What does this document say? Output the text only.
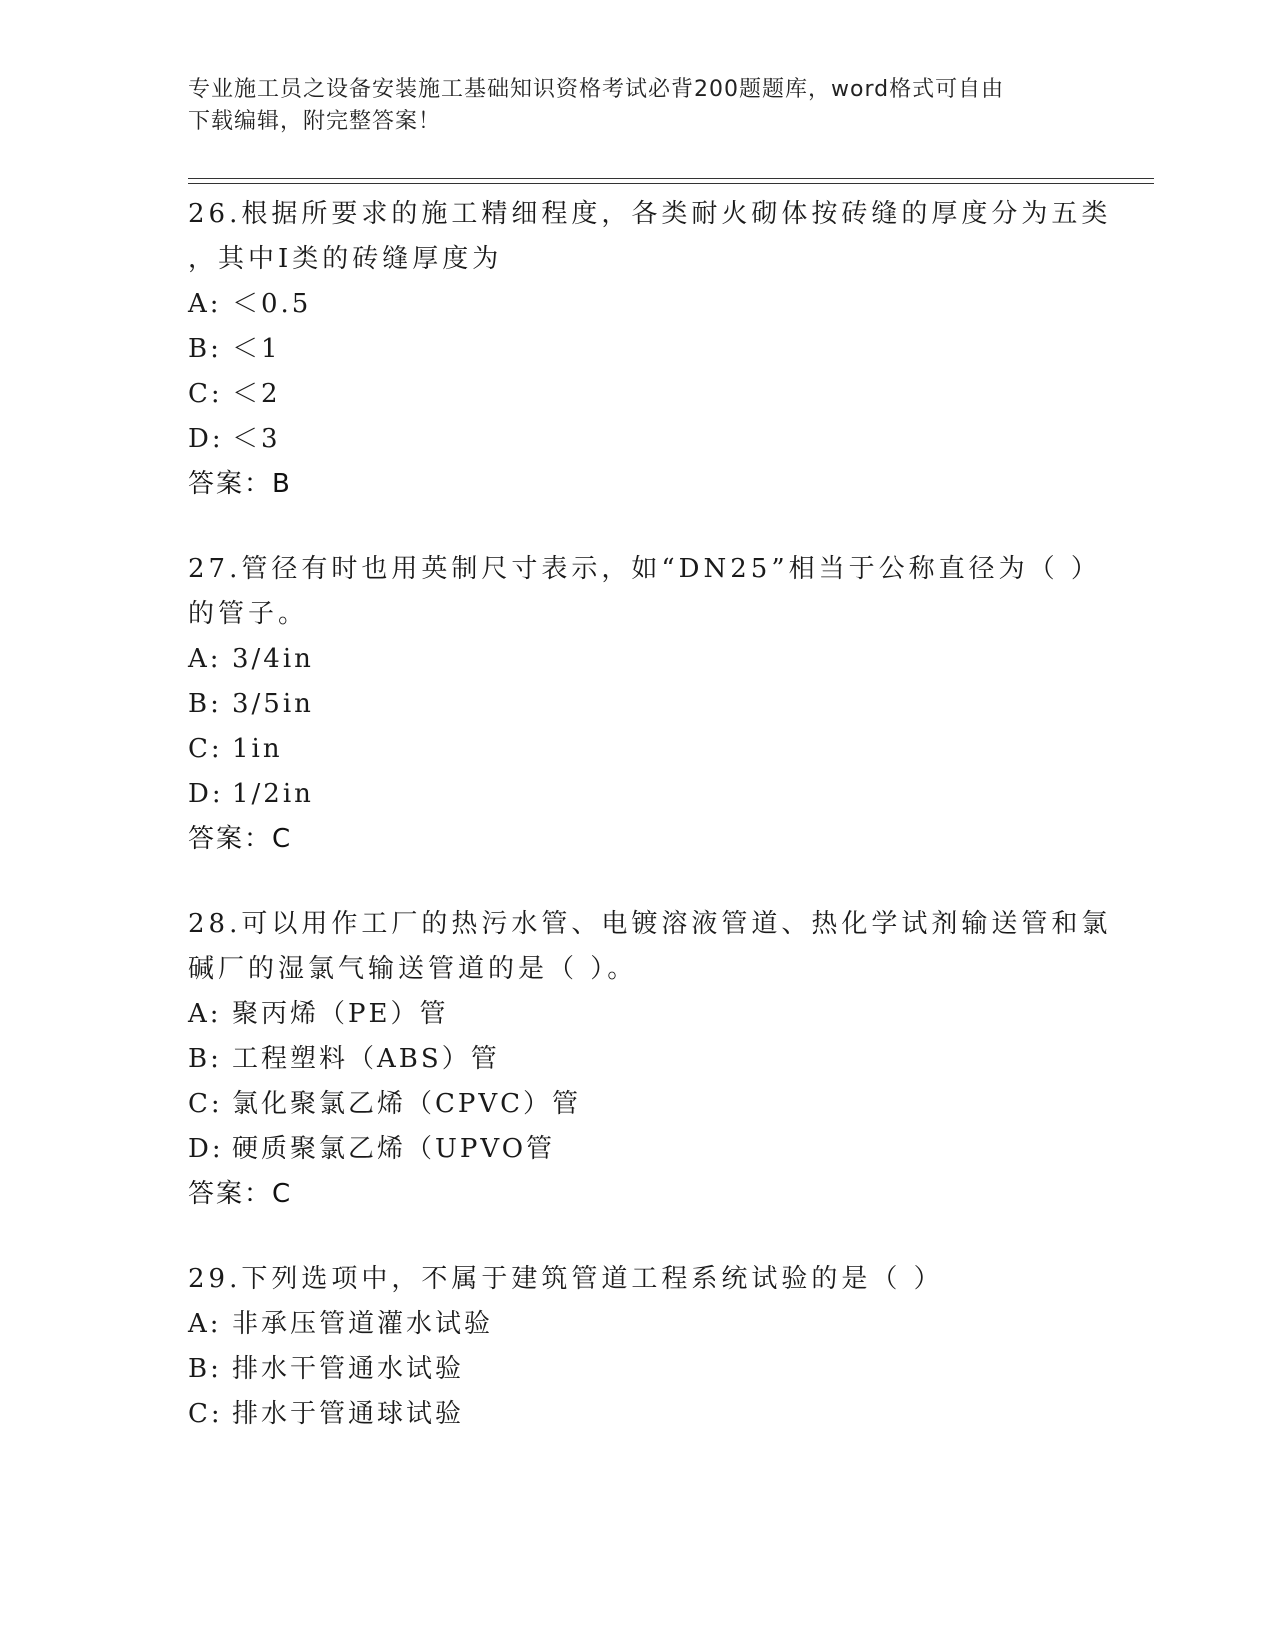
专业施工员之设备安装施工基础知识资格考试必背200题题库，word格式可自由
下载编辑，附完整答案！
26.根据所要求的施工精细程度，各类耐火砌体按砖缝的厚度分为五类
，其中Ⅰ类的砖缝厚度为
A: ＜0.5
B: ＜1
C: ＜2
D: ＜3
答案：B
27.管径有时也用英制尺寸表示，如“DN25”相当于公称直径为（ ）
的管子。
A: 3/4in
B: 3/5in
C: 1in
D: 1/2in
答案：C
28.可以用作工厂的热污水管、电镀溶液管道、热化学试剂输送管和氯
碱厂的湿氯气输送管道的是（ ）。
A: 聚丙烯（PE）管
B: 工程塑料（ABS）管
C: 氯化聚氯乙烯（CPVC）管
D: 硬质聚氯乙烯（UPVO管
答案：C
29.下列选项中，不属于建筑管道工程系统试验的是（ ）
A: 非承压管道灌水试验
B: 排水干管通水试验
C: 排水于管通球试验
